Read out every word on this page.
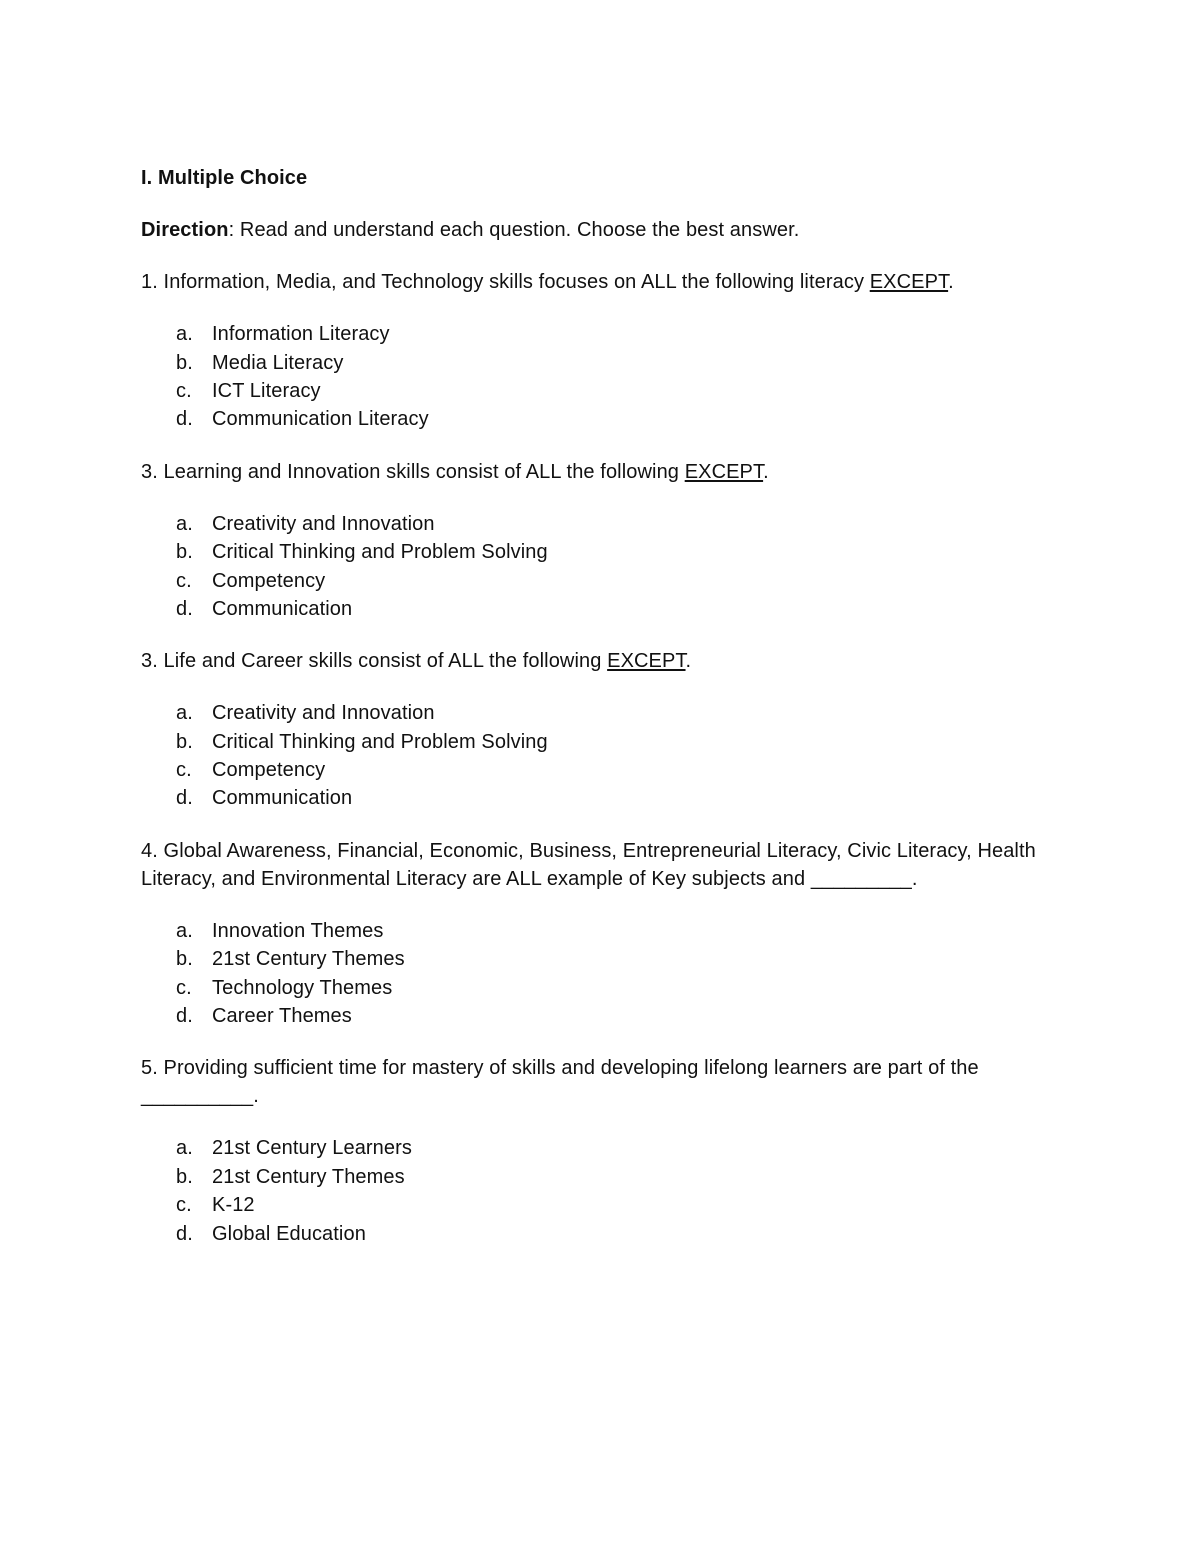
I. Multiple Choice
Direction: Read and understand each question. Choose the best answer.

1. Information, Media, and Technology skills focuses on ALL the following literacy EXCEPT.

a. Information Literacy
b. Media Literacy
c.	ICT Literacy
d. Communication Literacy

3. Learning and Innovation skills consist of ALL the following EXCEPT.

a. Creativity and Innovation
b. Critical Thinking and Problem Solving
c.	Competency
d. Communication

3. Life and Career skills consist of ALL the following EXCEPT.

a. Creativity and Innovation
b. Critical Thinking and Problem Solving
c.	Competency
d. Communication

4. Global Awareness, Financial, Economic, Business, Entrepreneurial Literacy, Civic Literacy, Health Literacy, and Environmental Literacy are ALL example of Key subjects and _________.

a. Innovation Themes
b. 21st Century Themes
c.	Technology Themes
d. Career Themes

5. Providing sufficient time for mastery of skills and developing lifelong learners are part of the __________.

a. 21st Century Learners
b. 21st Century Themes
c.	K-12
d. Global Education
